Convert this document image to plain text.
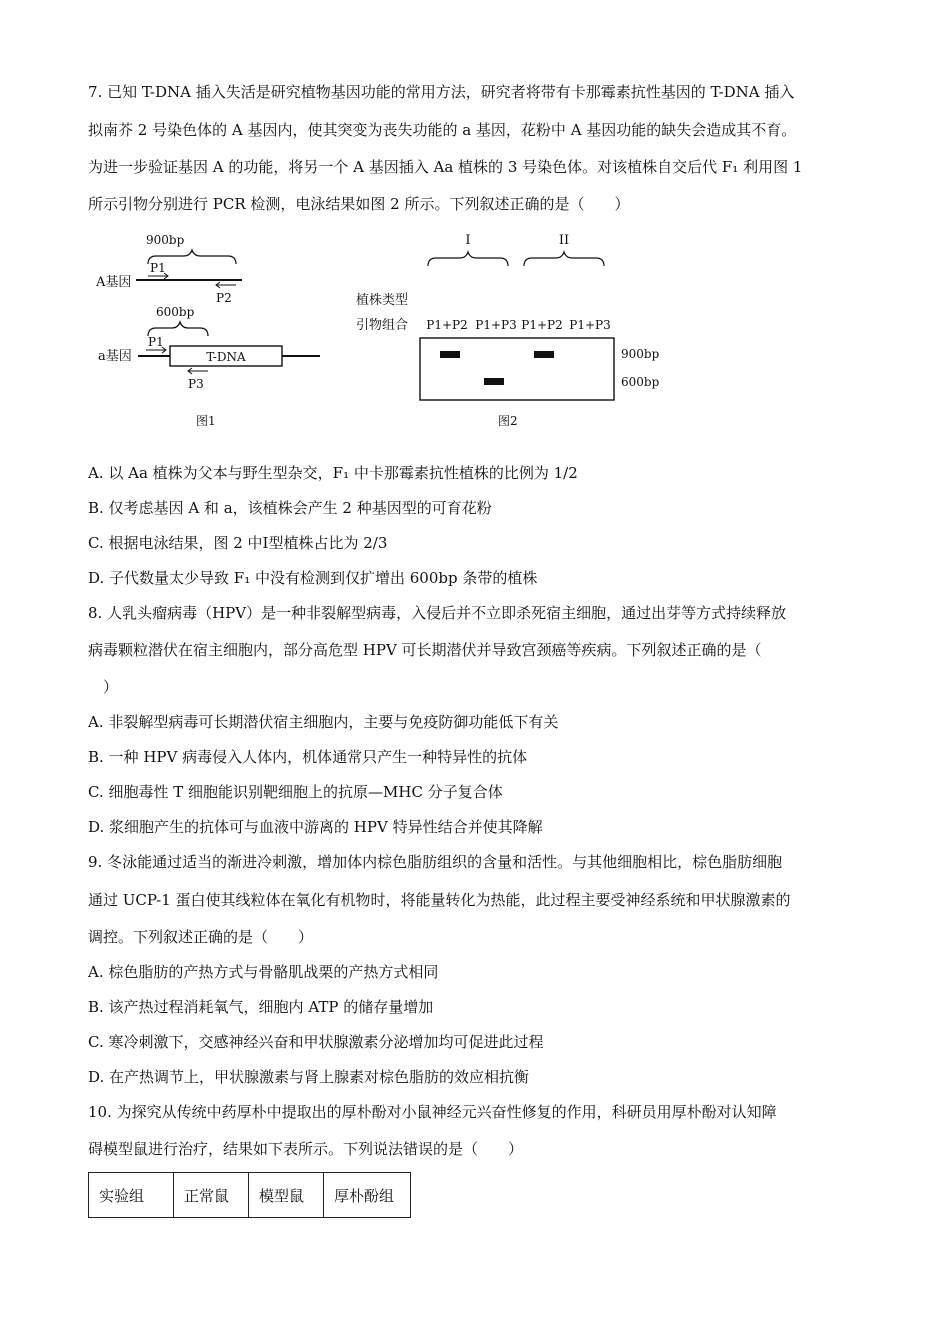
7. 已知 T-DNA 插入失活是研究植物基因功能的常用方法，研究者将带有卡那霉素抗性基因的 T-DNA 插入
拟南芥 2 号染色体的 A 基因内，使其突变为丧失功能的 a 基因，花粉中 A 基因功能的缺失会造成其不育。
为进一步验证基因 A 的功能，将另一个 A 基因插入 Aa 植株的 3 号染色体。对该植株自交后代 F₁ 利用图 1
所示引物分别进行 PCR 检测，电泳结果如图 2 所示。下列叙述正确的是（　　）
900bp
P1
A基因
P2
600bp
P1
a基因	T-DNA
P3
图1
I	II
植株类型
引物组合 P1+P2 P1+P3 P1+P2 P1+P3
900bp
600bp
图2
A. 以 Aa 植株为父本与野生型杂交，F₁ 中卡那霉素抗性植株的比例为 1/2
B. 仅考虑基因 A 和 a，该植株会产生 2 种基因型的可育花粉
C. 根据电泳结果，图 2 中Ⅰ型植株占比为 2/3
D. 子代数量太少导致 F₁ 中没有检测到仅扩增出 600bp 条带的植株
8. 人乳头瘤病毒（HPV）是一种非裂解型病毒，入侵后并不立即杀死宿主细胞，通过出芽等方式持续释放
病毒颗粒潜伏在宿主细胞内，部分高危型 HPV 可长期潜伏并导致宫颈癌等疾病。下列叙述正确的是（
　）
A. 非裂解型病毒可长期潜伏宿主细胞内，主要与免疫防御功能低下有关
B. 一种 HPV 病毒侵入人体内，机体通常只产生一种特异性的抗体
C. 细胞毒性 T 细胞能识别靶细胞上的抗原—MHC 分子复合体
D. 浆细胞产生的抗体可与血液中游离的 HPV 特异性结合并使其降解
9. 冬泳能通过适当的渐进冷刺激，增加体内棕色脂肪组织的含量和活性。与其他细胞相比，棕色脂肪细胞
通过 UCP-1 蛋白使其线粒体在氧化有机物时，将能量转化为热能，此过程主要受神经系统和甲状腺激素的
调控。下列叙述正确的是（　　）
A. 棕色脂肪的产热方式与骨骼肌战栗的产热方式相同
B. 该产热过程消耗氧气，细胞内 ATP 的储存量增加
C. 寒冷刺激下，交感神经兴奋和甲状腺激素分泌增加均可促进此过程
D. 在产热调节上，甲状腺激素与肾上腺素对棕色脂肪的效应相抗衡
10. 为探究从传统中药厚朴中提取出的厚朴酚对小鼠神经元兴奋性修复的作用，科研员用厚朴酚对认知障
碍模型鼠进行治疗，结果如下表所示。下列说法错误的是（　　）
实验组	正常鼠	模型鼠	厚朴酚组
